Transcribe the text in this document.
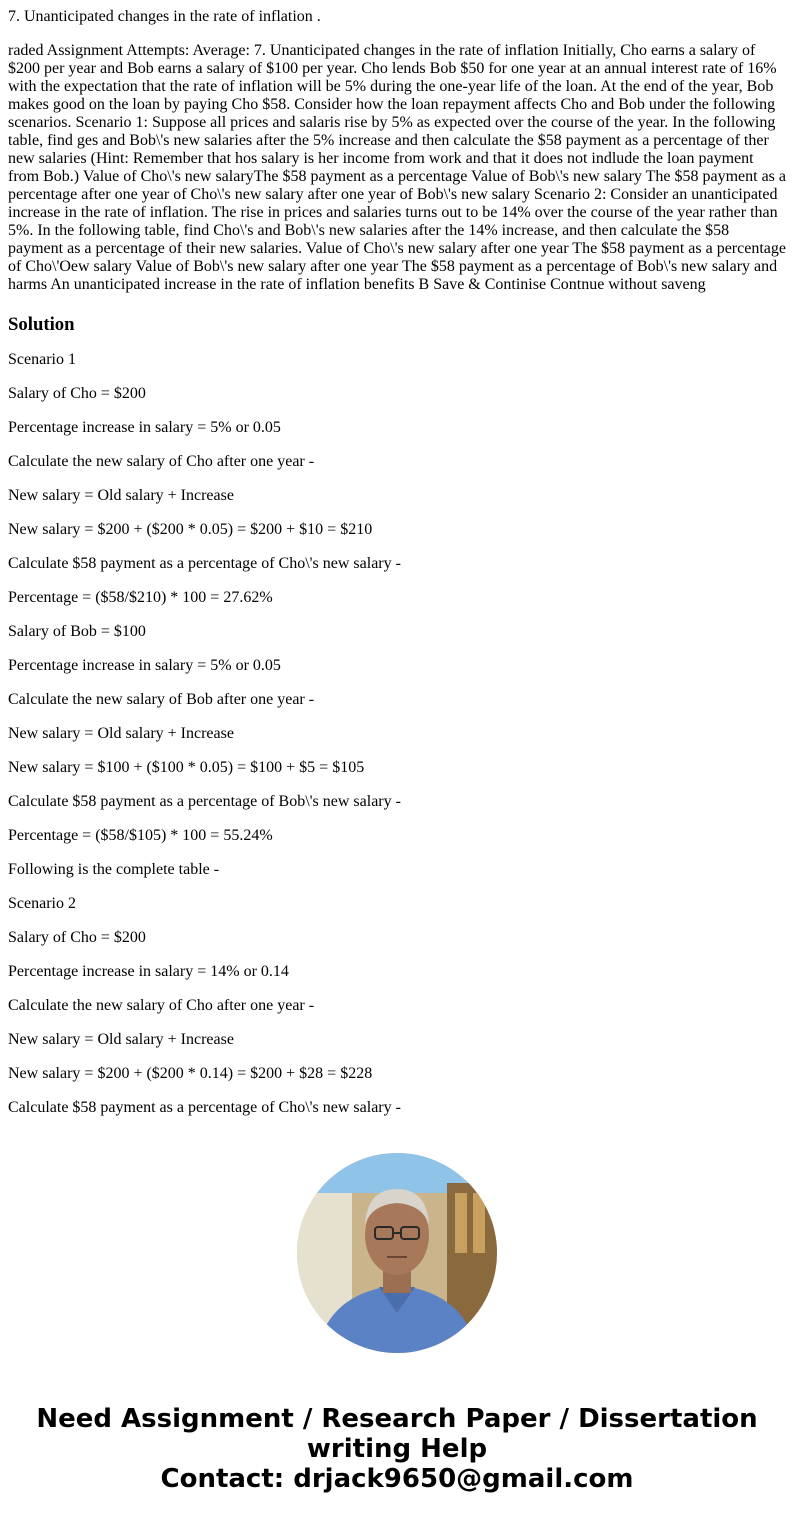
7. Unanticipated changes in the rate of inflation .

raded Assignment Attempts: Average: 7. Unanticipated changes in the rate of inflation Initially, Cho earns a salary of $200 per year and Bob earns a salary of $100 per year. Cho lends Bob $50 for one year at an annual interest rate of 16% with the expectation that the rate of inflation will be 5% during the one-year life of the loan. At the end of the year, Bob makes good on the loan by paying Cho $58. Consider how the loan repayment affects Cho and Bob under the following scenarios. Scenario 1: Suppose all prices and salaris rise by 5% as expected over the course of the year. In the following table, find ges and Bob\'s new salaries after the 5% increase and then calculate the $58 payment as a percentage of ther new salaries (Hint: Remember that hos salary is her income from work and that it does not indlude the loan payment from Bob.) Value of Cho\'s new salaryThe $58 payment as a percentage Value of Bob\'s new salary The $58 payment as a percentage after one year of Cho\'s new salary after one year of Bob\'s new salary Scenario 2: Consider an unanticipated increase in the rate of inflation. The rise in prices and salaries turns out to be 14% over the course of the year rather than 5%. In the following table, find Cho\'s and Bob\'s new salaries after the 14% increase, and then calculate the $58 payment as a percentage of their new salaries. Value of Cho\'s new salary after one year The $58 payment as a percentage of Cho\'Oew salary Value of Bob\'s new salary after one year The $58 payment as a percentage of Bob\'s new salary and harms An unanticipated increase in the rate of inflation benefits B Save & Continise Contnue without saveng

Solution

Scenario 1

Salary of Cho = $200

Percentage increase in salary = 5% or 0.05

Calculate the new salary of Cho after one year -

New salary = Old salary + Increase

New salary = $200 + ($200 * 0.05) = $200 + $10 = $210

Calculate $58 payment as a percentage of Cho\'s new salary -

Percentage = ($58/$210) * 100 = 27.62%

Salary of Bob = $100

Percentage increase in salary = 5% or 0.05

Calculate the new salary of Bob after one year -

New salary = Old salary + Increase

New salary = $100 + ($100 * 0.05) = $100 + $5 = $105

Calculate $58 payment as a percentage of Bob\'s new salary -

Percentage = ($58/$105) * 100 = 55.24%

Following is the complete table -

Scenario 2

Salary of Cho = $200

Percentage increase in salary = 14% or 0.14

Calculate the new salary of Cho after one year -

New salary = Old salary + Increase

New salary = $200 + ($200 * 0.14) = $200 + $28 = $228

Calculate $58 payment as a percentage of Cho\'s new salary -

Need Assignment / Research Paper / Dissertation
writing Help
Contact: drjack9650@gmail.com
